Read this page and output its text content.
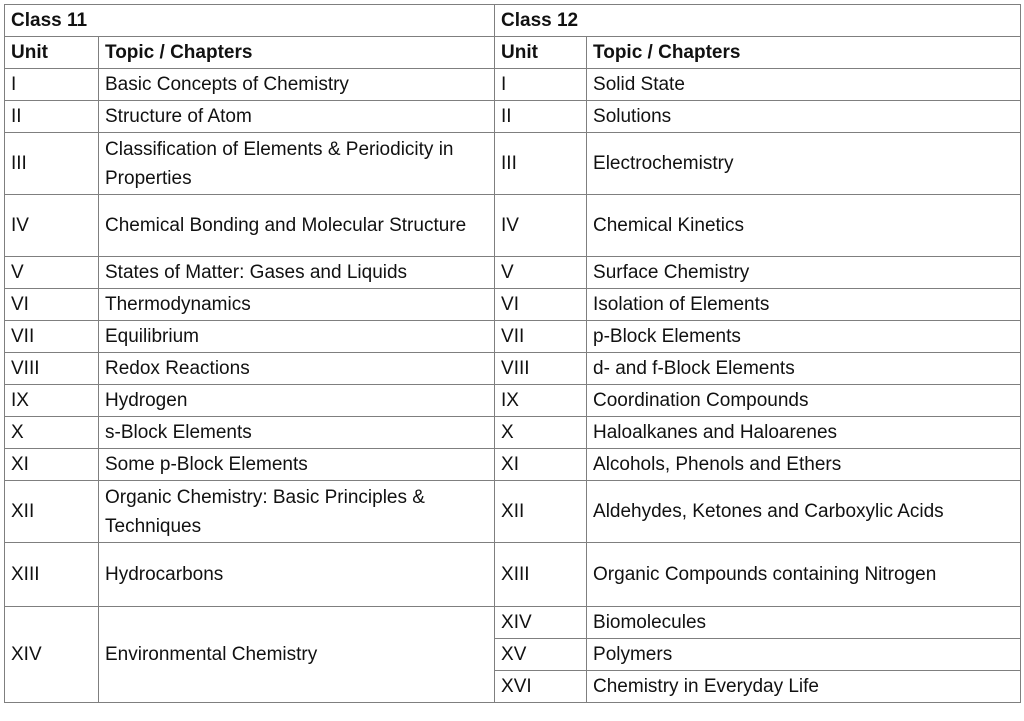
Class 11		Class 12	
Unit	Topic / Chapters	Unit	Topic / Chapters
I	Basic Concepts of Chemistry	I	Solid State
II	Structure of Atom	II	Solutions
III	Classification of Elements & Periodicity in Properties	III	Electrochemistry
IV	Chemical Bonding and Molecular Structure	IV	Chemical Kinetics
V	States of Matter: Gases and Liquids	V	Surface Chemistry
VI	Thermodynamics	VI	Isolation of Elements
VII	Equilibrium	VII	p-Block Elements
VIII	Redox Reactions	VIII	d- and f-Block Elements
IX	Hydrogen	IX	Coordination Compounds
X	s-Block Elements	X	Haloalkanes and Haloarenes
XI	Some p-Block Elements	XI	Alcohols, Phenols and Ethers
XII	Organic Chemistry: Basic Principles & Techniques	XII	Aldehydes, Ketones and Carboxylic Acids
XIII	Hydrocarbons	XIII	Organic Compounds containing Nitrogen
XIV	Environmental Chemistry	XIV	Biomolecules
		XV	Polymers
		XVI	Chemistry in Everyday Life
